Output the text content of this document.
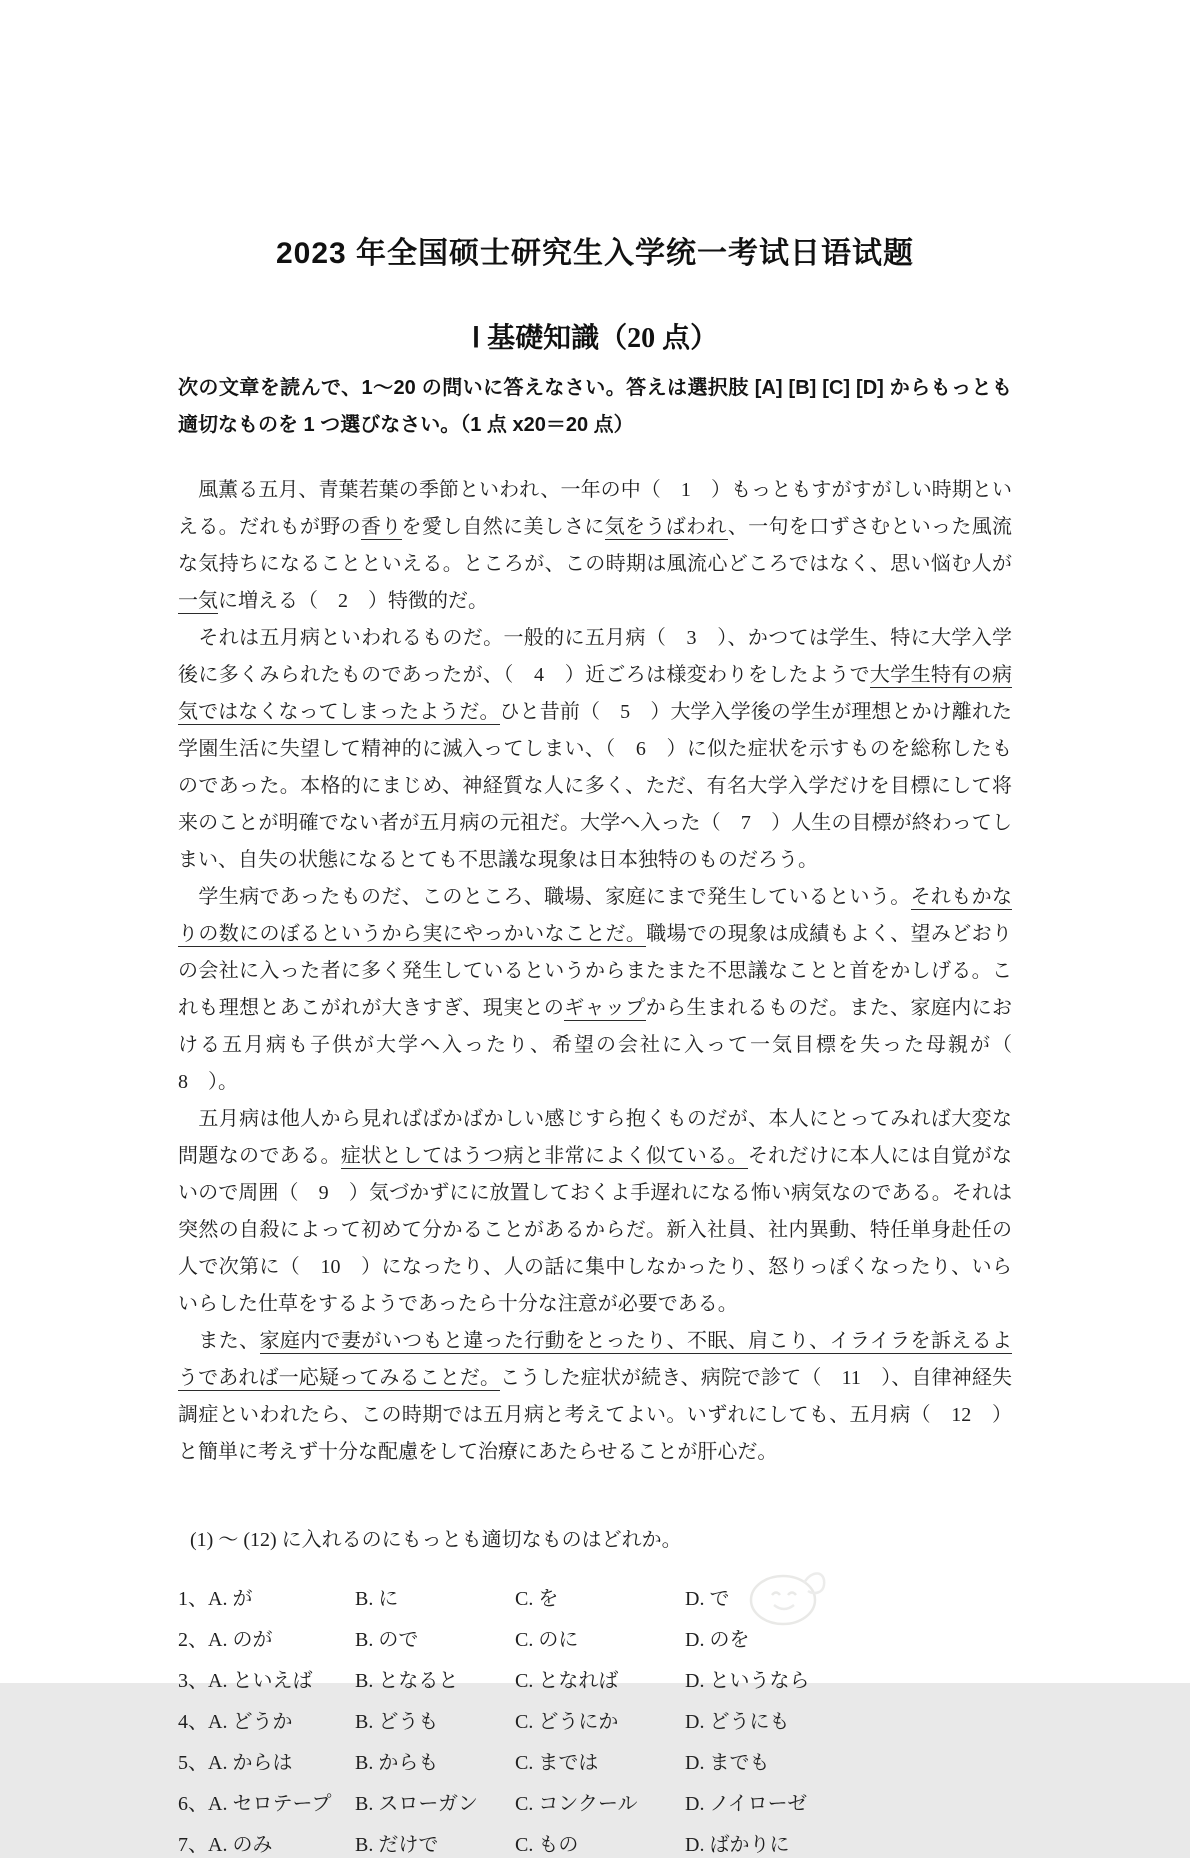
2023 年全国硕士研究生入学统一考试日语试题
Ⅰ 基礎知識（20 点）
次の文章を読んで、1～20 の問いに答えなさい。答えは選択肢 [A] [B] [C] [D] からもっとも適切なものを 1 つ選びなさい。（1 点 x20＝20 点）

　風薫る五月、青葉若葉の季節といわれ、一年の中（　1　）もっともすがすがしい時期といえる。だれもが野の香りを愛し自然に美しさに気をうばわれ、一句を口ずさむといった風流な気持ちになることといえる。ところが、この時期は風流心どころではなく、思い悩む人が一気に増える（　2　）特徴的だ。

　それは五月病といわれるものだ。一般的に五月病（　3　）、かつては学生、特に大学入学後に多くみられたものであったが、（　4　）近ごろは様変わりをしたようで大学生特有の病気ではなくなってしまったようだ。ひと昔前（　5　）大学入学後の学生が理想とかけ離れた学園生活に失望して精神的に滅入ってしまい、（　6　）に似た症状を示すものを総称したものであった。本格的にまじめ、神経質な人に多く、ただ、有名大学入学だけを目標にして将来のことが明確でない者が五月病の元祖だ。大学へ入った（　7　）人生の目標が終わってしまい、自失の状態になるとても不思議な現象は日本独特のものだろう。

　学生病であったものだ、このところ、職場、家庭にまで発生しているという。それもかなりの数にのぼるというから実にやっかいなことだ。職場での現象は成績もよく、望みどおりの会社に入った者に多く発生しているというからまたまた不思議なことと首をかしげる。これも理想とあこがれが大きすぎ、現実とのギャップから生まれるものだ。また、家庭内における五月病も子供が大学へ入ったり、希望の会社に入って一気目標を失った母親が（　8　）。

　五月病は他人から見ればばかばかしい感じすら抱くものだが、本人にとってみれば大変な問題なのである。症状としてはうつ病と非常によく似ている。それだけに本人には自覚がないので周囲（　9　）気づかずにに放置しておくよ手遅れになる怖い病気なのである。それは突然の自殺によって初めて分かることがあるからだ。新入社員、社内異動、特任単身赴任の人で次第に（　10　）になったり、人の話に集中しなかったり、怒りっぽくなったり、いらいらした仕草をするようであったら十分な注意が必要である。

　また、家庭内で妻がいつもと違った行動をとったり、不眠、肩こり、イライラを訴えるようであれば一応疑ってみることだ。こうした症状が続き、病院で診て（　11　）、自律神経失調症といわれたら、この時期では五月病と考えてよい。いずれにしても、五月病（　12　）と簡単に考えず十分な配慮をして治療にあたらせることが肝心だ。

(1) ～ (12) に入れるのにもっとも適切なものはどれか。
1、A. が	B. に	C. を	D. で
2、A. のが	B. ので	C. のに	D. のを
3、A. といえば	B. となると	C. となれば	D. というなら
4、A. どうか	B. どうも	C. どうにか	D. どうにも
5、A. からは	B. からも	C. までは	D. までも
6、A. セロテープ	B. スローガン	C. コンクール	D. ノイローゼ
7、A. のみ	B. だけで	C. もの	D. ばかりに
